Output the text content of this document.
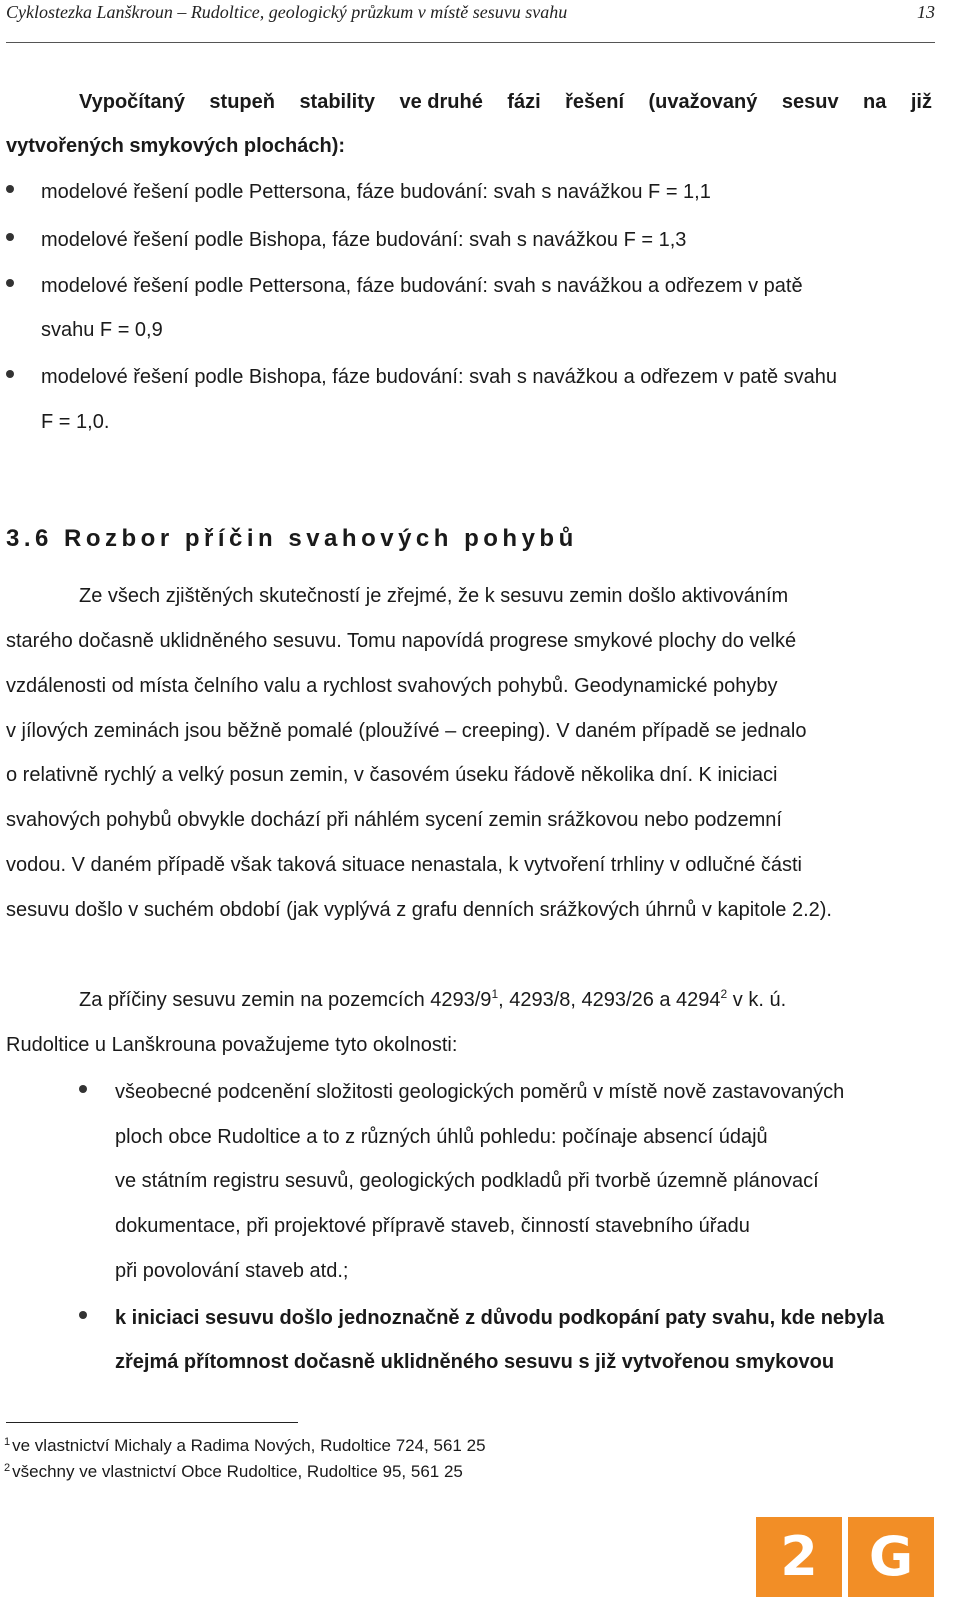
Cyklostezka Lanškroun – Rudoltice, geologický průzkum v místě sesuvu svahu	13
Vypočítaný stupeň stability ve druhé fázi řešení (uvažovaný sesuv na již
vytvořených smykových plochách):
modelové řešení podle Pettersona, fáze budování: svah s navážkou F = 1,1
modelové řešení podle Bishopa, fáze budování: svah s navážkou F = 1,3
modelové řešení podle Pettersona, fáze budování: svah s navážkou a odřezem v patě
svahu F = 0,9
modelové řešení podle Bishopa, fáze budování: svah s navážkou a odřezem v patě svahu
F = 1,0.
3.6 Rozbor příčin svahových pohybů
Ze všech zjištěných skutečností je zřejmé, že k sesuvu zemin došlo aktivováním
starého dočasně uklidněného sesuvu. Tomu napovídá progrese smykové plochy do velké
vzdálenosti od místa čelního valu a rychlost svahových pohybů. Geodynamické pohyby
v jílových zeminách jsou běžně pomalé (ploužívé – creeping). V daném případě se jednalo
o relativně rychlý a velký posun zemin, v časovém úseku řádově několika dní. K iniciaci
svahových pohybů obvykle dochází při náhlém sycení zemin srážkovou nebo podzemní
vodou. V daném případě však taková situace nenastala, k vytvoření trhliny v odlučné části
sesuvu došlo v suchém období (jak vyplývá z grafu denních srážkových úhrnů v kapitole 2.2).
Za příčiny sesuvu zemin na pozemcích $4293/9^1$, 4293/8, 4293/26 a 4294$^2$ v k. ú.
Rudoltice u Lanškrouna považujeme tyto okolnosti:
všeobecné podcenění složitosti geologických poměrů v místě nově zastavovaných
ploch obce Rudoltice a to z různých úhlů pohledu: počínaje absencí údajů
ve státním registru sesuvů, geologických podkladů při tvorbě územně plánovací
dokumentace, při projektové přípravě staveb, činností stavebního úřadu
při povolování staveb atd.;
k iniciaci sesuvu došlo jednoznačně z důvodu podkopání paty svahu, kde nebyla
zřejmá přítomnost dočasně uklidněného sesuvu s již vytvořenou smykovou
$^1$ ve vlastnictví Michaly a Radima Nových, Rudoltice 724, 561 25
$^2$ všechny ve vlastnictví Obce Rudoltice, Rudoltice 95, 561 25
2 G
